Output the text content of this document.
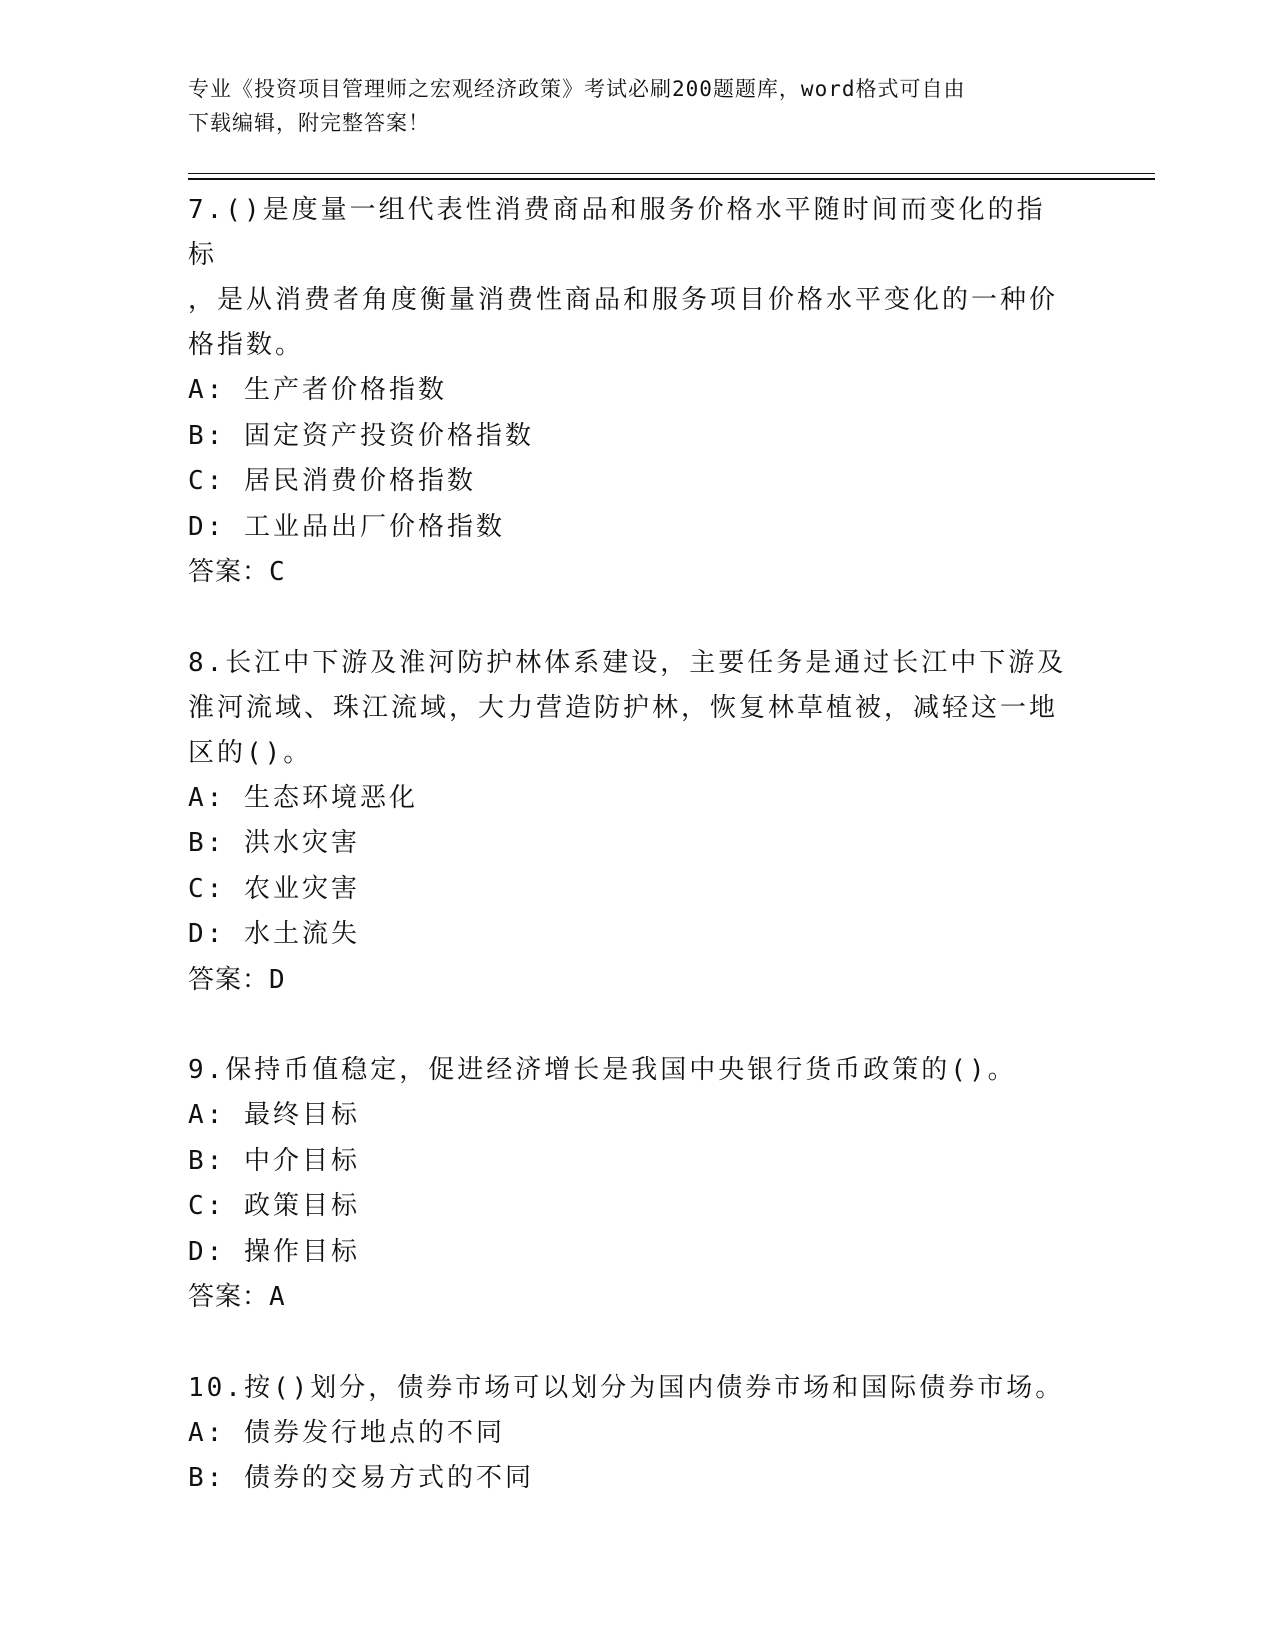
专业《投资项目管理师之宏观经济政策》考试必刷200题题库，word格式可自由
下载编辑，附完整答案！
7.()是度量一组代表性消费商品和服务价格水平随时间而变化的指标
，是从消费者角度衡量消费性商品和服务项目价格水平变化的一种价
格指数。
A: 生产者价格指数
B: 固定资产投资价格指数
C: 居民消费价格指数
D: 工业品出厂价格指数
答案：C
8.长江中下游及淮河防护林体系建设，主要任务是通过长江中下游及
淮河流域、珠江流域，大力营造防护林，恢复林草植被，减轻这一地
区的()。
A: 生态环境恶化
B: 洪水灾害
C: 农业灾害
D: 水土流失
答案：D
9.保持币值稳定，促进经济增长是我国中央银行货币政策的()。
A: 最终目标
B: 中介目标
C: 政策目标
D: 操作目标
答案：A
10.按()划分，债券市场可以划分为国内债券市场和国际债券市场。
A: 债券发行地点的不同
B: 债券的交易方式的不同
